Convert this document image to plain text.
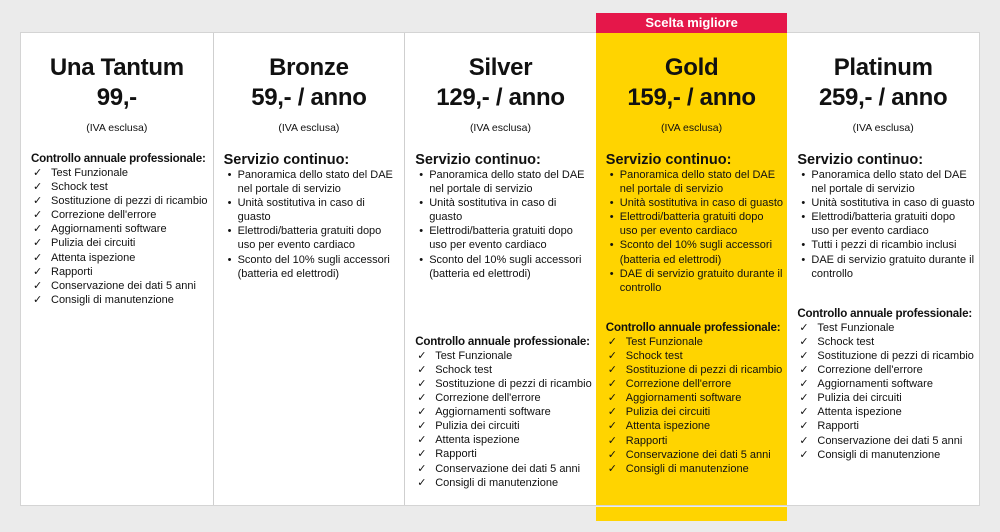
Una Tantum
99,-
(IVA esclusa)
Controllo annuale professionale:
✓ Test Funzionale
✓ Schock test
✓ Sostituzione di pezzi di ricambio
✓ Correzione dell'errore
✓ Aggiornamenti software
✓ Pulizia dei circuiti
✓ Attenta ispezione
✓ Rapporti
✓ Conservazione dei dati 5 anni
✓ Consigli di manutenzione
Bronze
59,- / anno
(IVA esclusa)
Servizio continuo:
• Panoramica dello stato del DAE nel portale di servizio
• Unità sostitutiva in caso di guasto
• Elettrodi/batteria gratuiti dopo uso per evento cardiaco
• Sconto del 10% sugli accessori (batteria ed elettrodi)
Silver
129,- / anno
(IVA esclusa)
Servizio continuo:
• Panoramica dello stato del DAE nel portale di servizio
• Unità sostitutiva in caso di guasto
• Elettrodi/batteria gratuiti dopo uso per evento cardiaco
• Sconto del 10% sugli accessori (batteria ed elettrodi)
Controllo annuale professionale:
✓ Test Funzionale
✓ Schock test
✓ Sostituzione di pezzi di ricambio
✓ Correzione dell'errore
✓ Aggiornamenti software
✓ Pulizia dei circuiti
✓ Attenta ispezione
✓ Rapporti
✓ Conservazione dei dati 5 anni
✓ Consigli di manutenzione
Scelta migliore
Gold
159,- / anno
(IVA esclusa)
Servizio continuo:
• Panoramica dello stato del DAE nel portale di servizio
• Unità sostitutiva in caso di guasto
• Elettrodi/batteria gratuiti dopo uso per evento cardiaco
• Sconto del 10% sugli accessori (batteria ed elettrodi)
• DAE di servizio gratuito durante il controllo
Controllo annuale professionale:
✓ Test Funzionale
✓ Schock test
✓ Sostituzione di pezzi di ricambio
✓ Correzione dell'errore
✓ Aggiornamenti software
✓ Pulizia dei circuiti
✓ Attenta ispezione
✓ Rapporti
✓ Conservazione dei dati 5 anni
✓ Consigli di manutenzione
Platinum
259,- / anno
(IVA esclusa)
Servizio continuo:
• Panoramica dello stato del DAE nel portale di servizio
• Unità sostitutiva in caso di guasto
• Elettrodi/batteria gratuiti dopo uso per evento cardiaco
• Tutti i pezzi di ricambio inclusi
• DAE di servizio gratuito durante il controllo
Controllo annuale professionale:
✓ Test Funzionale
✓ Schock test
✓ Sostituzione di pezzi di ricambio
✓ Correzione dell'errore
✓ Aggiornamenti software
✓ Pulizia dei circuiti
✓ Attenta ispezione
✓ Rapporti
✓ Conservazione dei dati 5 anni
✓ Consigli di manutenzione
